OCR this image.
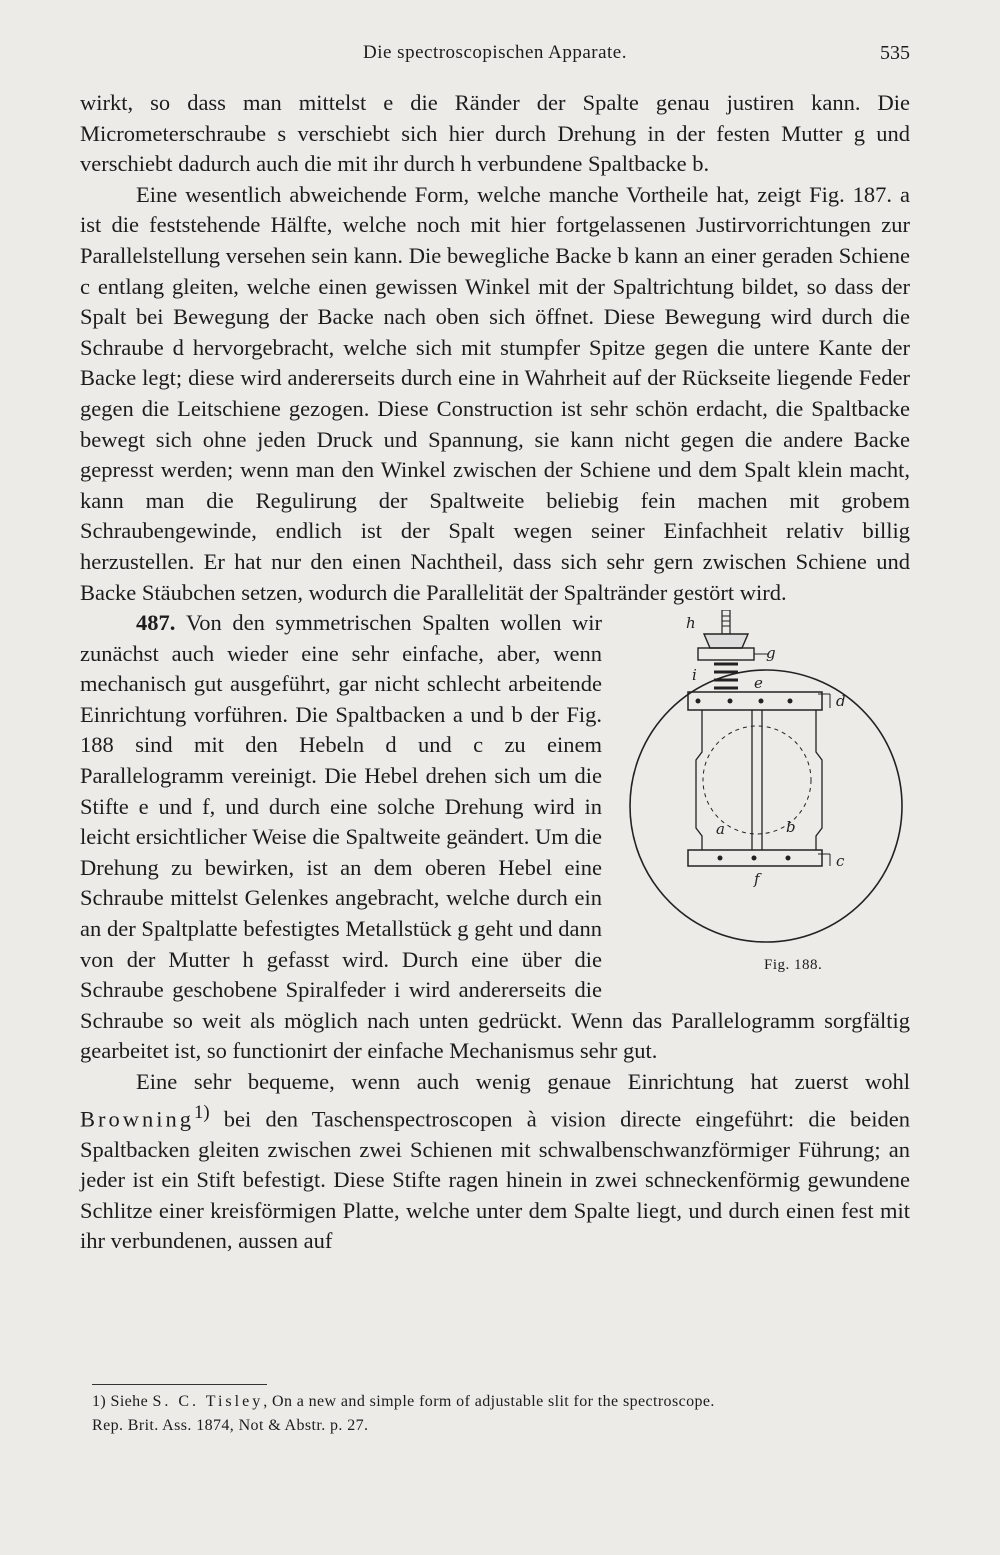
Die spectroscopischen Apparate.	535

wirkt, so dass man mittelst e die Ränder der Spalte genau justiren kann. Die Micrometerschraube s verschiebt sich hier durch Drehung in der festen Mutter g und verschiebt dadurch auch die mit ihr durch h verbundene Spaltbacke b.

Eine wesentlich abweichende Form, welche manche Vortheile hat, zeigt Fig. 187. a ist die feststehende Hälfte, welche noch mit hier fortgelassenen Justirvorrichtungen zur Parallelstellung versehen sein kann. Die bewegliche Backe b kann an einer geraden Schiene c entlang gleiten, welche einen gewissen Winkel mit der Spaltrichtung bildet, so dass der Spalt bei Bewegung der Backe nach oben sich öffnet. Diese Bewegung wird durch die Schraube d hervorgebracht, welche sich mit stumpfer Spitze gegen die untere Kante der Backe legt; diese wird andererseits durch eine in Wahrheit auf der Rückseite liegende Feder gegen die Leitschiene gezogen. Diese Construction ist sehr schön erdacht, die Spaltbacke bewegt sich ohne jeden Druck und Spannung, sie kann nicht gegen die andere Backe gepresst werden; wenn man den Winkel zwischen der Schiene und dem Spalt klein macht, kann man die Regulirung der Spaltweite beliebig fein machen mit grobem Schraubengewinde, endlich ist der Spalt wegen seiner Einfachheit relativ billig herzustellen. Er hat nur den einen Nachtheil, dass sich sehr gern zwischen Schiene und Backe Stäubchen setzen, wodurch die Parallelität der Spaltränder gestört wird.

487.	h
g
i	e
d
a	b
c
f
Fig. 188.
Von den symmetrischen Spalten wollen wir zunächst auch wieder eine sehr einfache, aber, wenn mechanisch gut ausgeführt, gar nicht schlecht arbeitende Einrichtung vorführen. Die Spaltbacken a und b der Fig. 188 sind mit den Hebeln d und c zu einem Parallelogramm vereinigt. Die Hebel drehen sich um die Stifte e und f, und durch eine solche Drehung wird in leicht ersichtlicher Weise die Spaltweite geändert. Um die Drehung zu bewirken, ist an dem oberen Hebel eine Schraube mittelst Gelenkes angebracht, welche durch ein an der Spaltplatte befestigtes Metallstück g geht und dann von der Mutter h gefasst wird. Durch eine über die Schraube geschobene Spiralfeder i wird andererseits die Schraube so weit als möglich nach unten gedrückt. Wenn das Parallelogramm sorgfältig gearbeitet ist, so functionirt der einfache Mechanismus sehr gut.

Eine sehr bequeme, wenn auch wenig genaue Einrichtung hat zuerst wohl Browning$^{1)}$ bei den Taschenspectroscopen à vision directe eingeführt: die beiden Spaltbacken gleiten zwischen zwei Schienen mit schwalbenschwanzförmiger Führung; an jeder ist ein Stift befestigt. Diese Stifte ragen hinein in zwei schneckenförmig gewundene Schlitze einer kreisförmigen Platte, welche unter dem Spalte liegt, und durch einen fest mit ihr verbundenen, aussen auf

1) Siehe S. C. Tisley, On a new and simple form of adjustable slit for the spectroscope.

Rep. Brit. Ass. 1874, Not & Abstr. p. 27.
